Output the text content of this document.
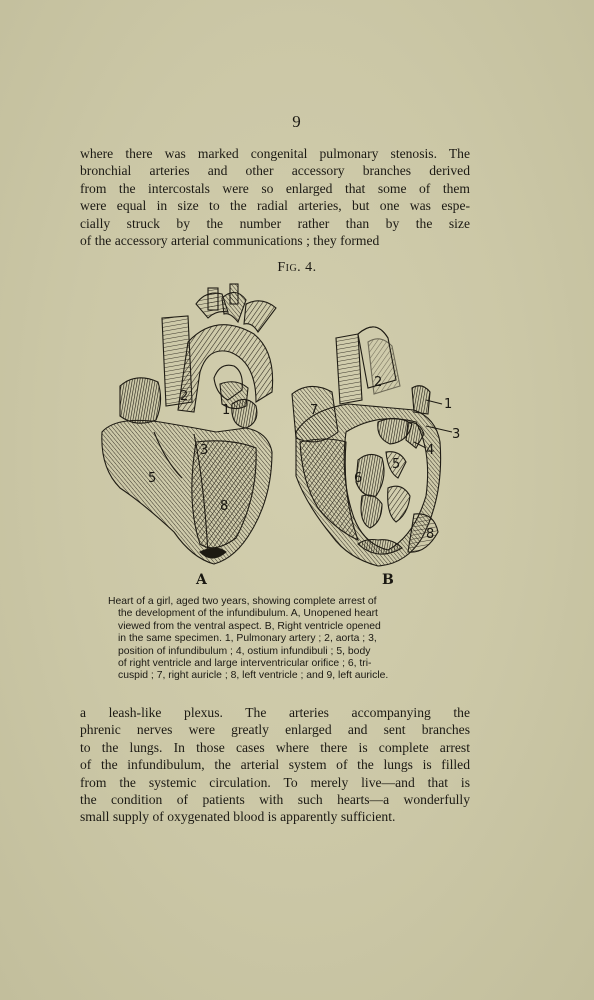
9

where there was marked congenital pulmonary stenosis. The
bronchial arteries and other accessory branches derived
from the intercostals were so enlarged that some of them
were equal in size to the radial arteries, but one was espe-
cially struck by the number rather than by the size
of the accessory arterial communications ; they formed

Fig. 4.
2
1
3
5
8
2
7	1
3
4
5
6
8
A	B

Heart of a girl, aged two years, showing complete arrest of
the development of the infundibulum. A, Unopened heart
viewed from the ventral aspect. B, Right ventricle opened
in the same specimen. 1, Pulmonary artery ; 2, aorta ; 3,
position of infundibulum ; 4, ostium infundibuli ; 5, body
of right ventricle and large interventricular orifice ; 6, tri-
cuspid ; 7, right auricle ; 8, left ventricle ; and 9, left auricle.

a leash-like plexus. The arteries accompanying the
phrenic nerves were greatly enlarged and sent branches
to the lungs. In those cases where there is complete arrest
of the infundibulum, the arterial system of the lungs is filled
from the systemic circulation. To merely live—and that is
the condition of patients with such hearts—a wonderfully
small supply of oxygenated blood is apparently sufficient.
